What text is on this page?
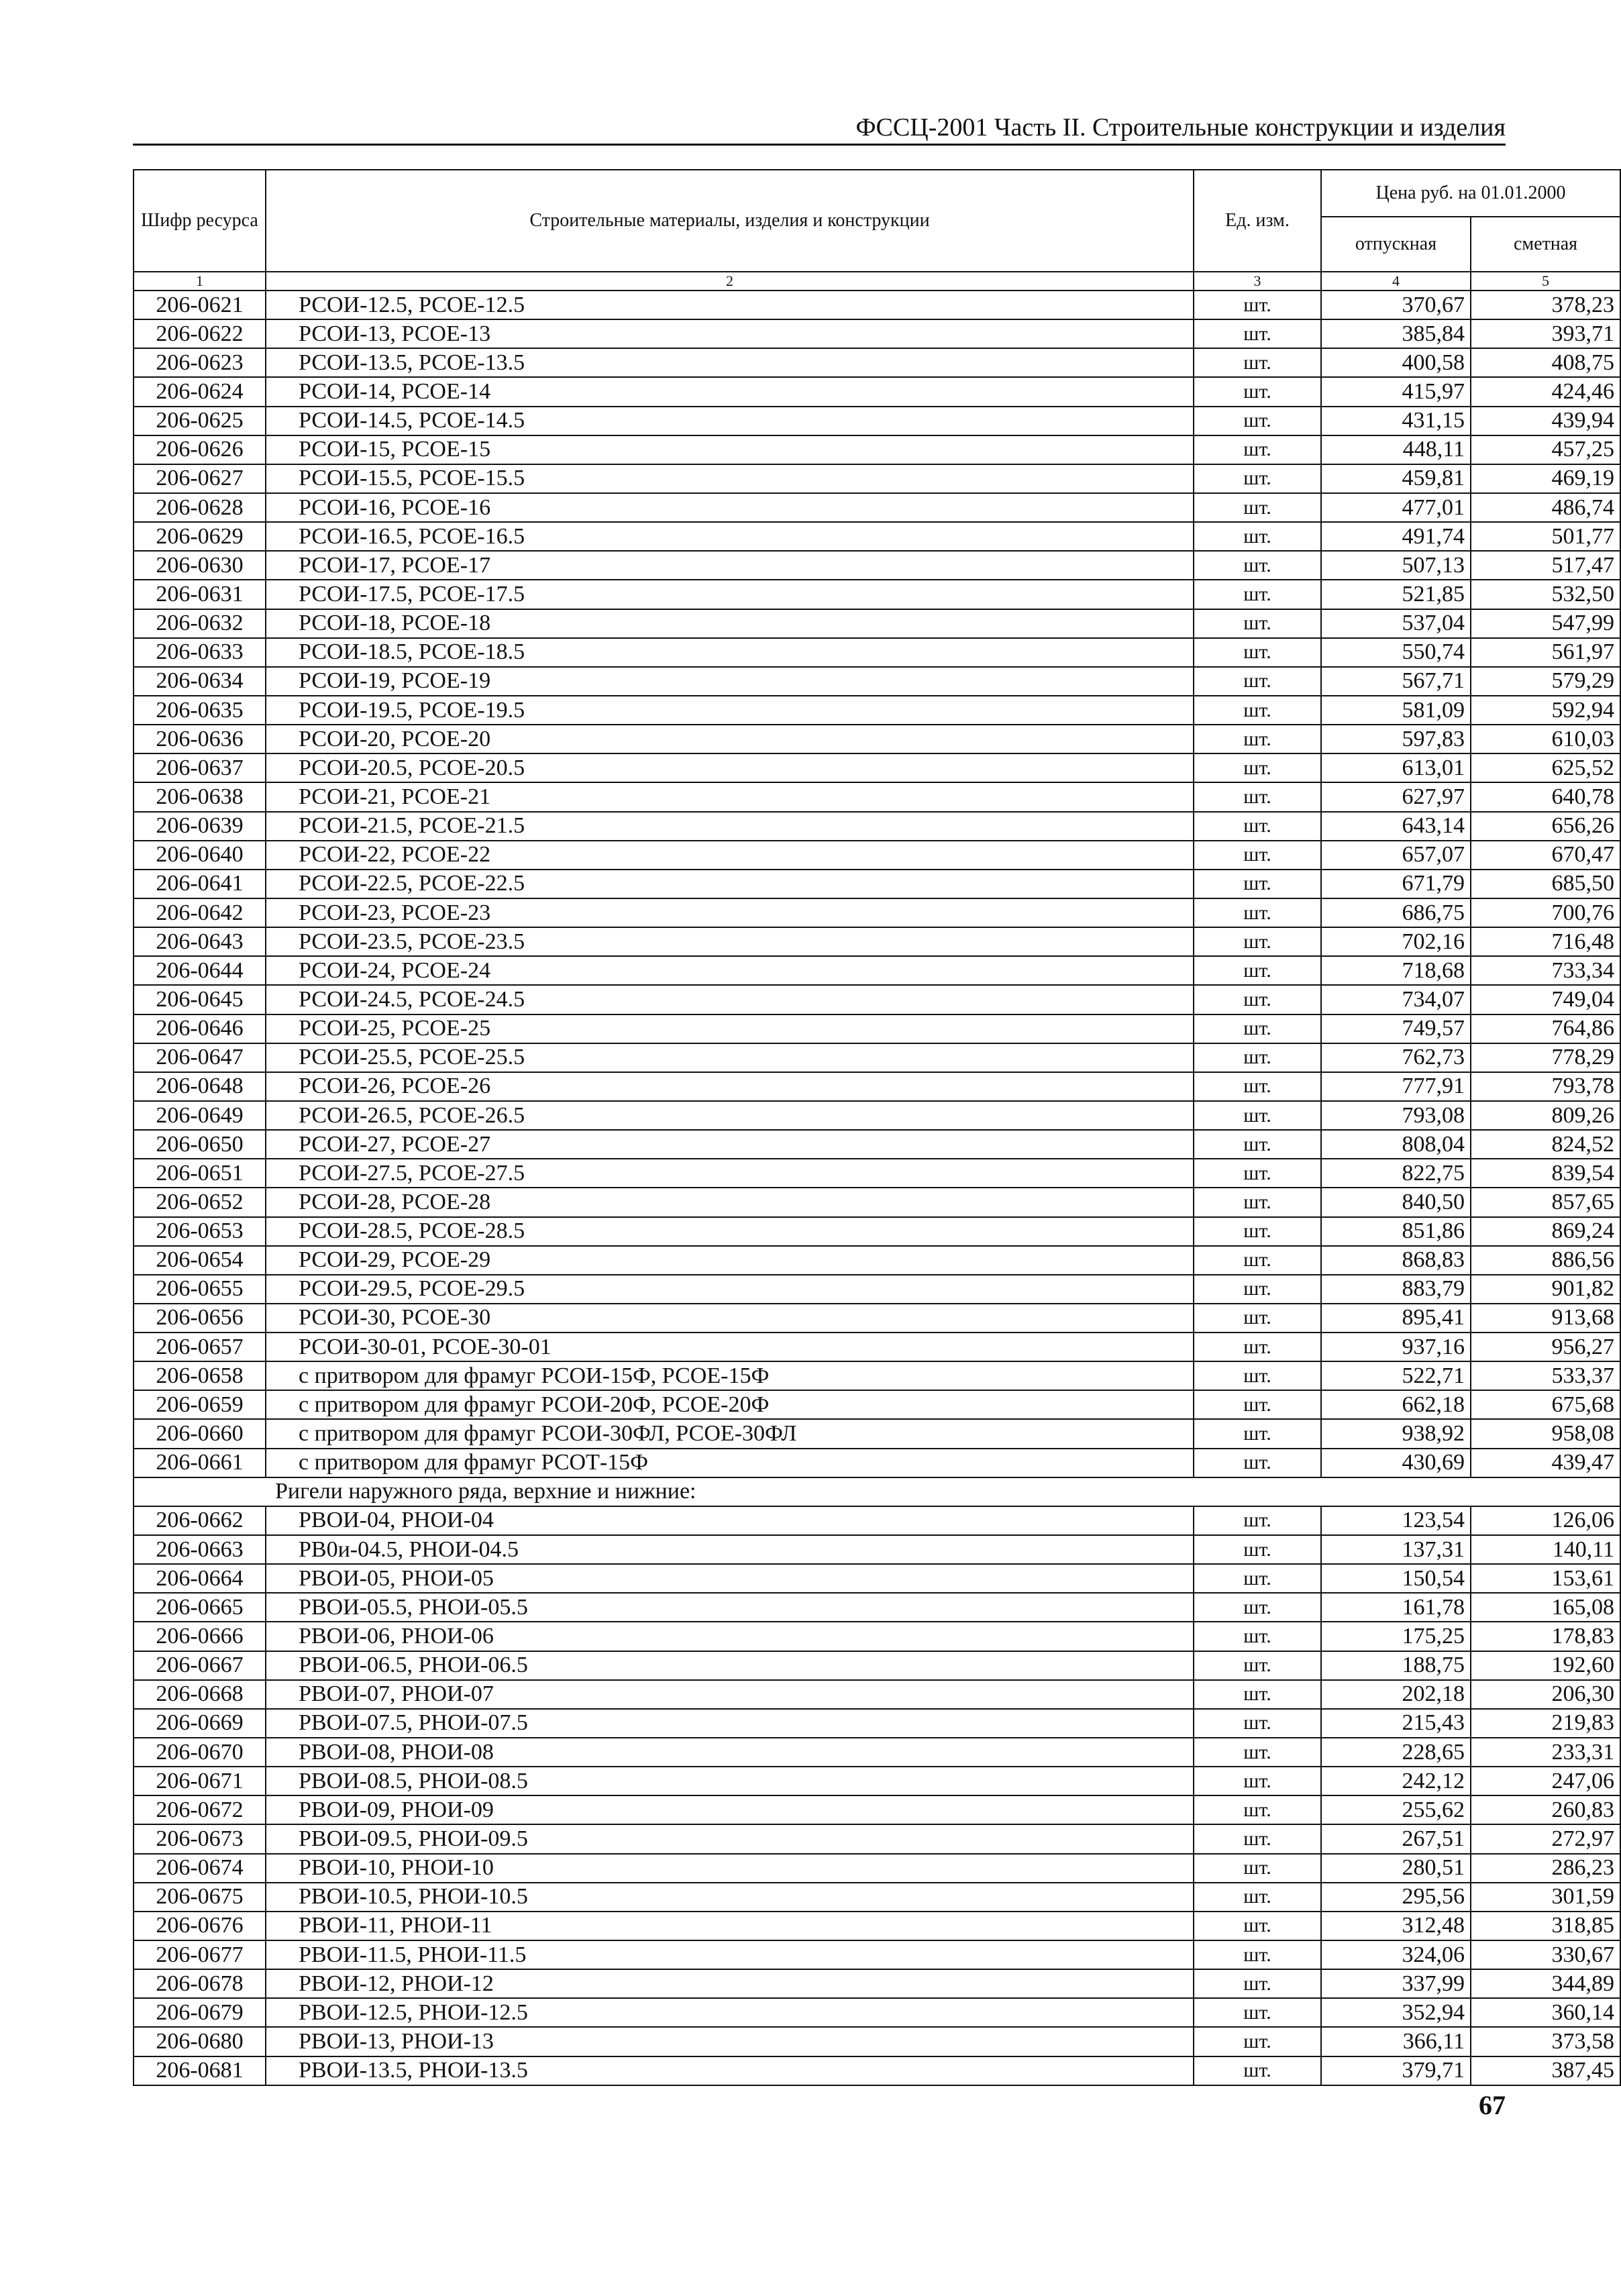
ФССЦ-2001 Часть II. Строительные конструкции и изделия
Шифр ресурса	Строительные материалы, изделия и конструкции	Ед. изм.	Цена руб. на 01.01.2000	
			отпускная	сметная
1	2	3	4	5
206-0621	РСОИ-12.5, РСОЕ-12.5	шт.	370,67	378,23
206-0622	РСОИ-13, РСОЕ-13	шт.	385,84	393,71
206-0623	РСОИ-13.5, РСОЕ-13.5	шт.	400,58	408,75
206-0624	РСОИ-14, РСОЕ-14	шт.	415,97	424,46
206-0625	РСОИ-14.5, РСОЕ-14.5	шт.	431,15	439,94
206-0626	РСОИ-15, РСОЕ-15	шт.	448,11	457,25
206-0627	РСОИ-15.5, РСОЕ-15.5	шт.	459,81	469,19
206-0628	РСОИ-16, РСОЕ-16	шт.	477,01	486,74
206-0629	РСОИ-16.5, РСОЕ-16.5	шт.	491,74	501,77
206-0630	РСОИ-17, РСОЕ-17	шт.	507,13	517,47
206-0631	РСОИ-17.5, РСОЕ-17.5	шт.	521,85	532,50
206-0632	РСОИ-18, РСОЕ-18	шт.	537,04	547,99
206-0633	РСОИ-18.5, РСОЕ-18.5	шт.	550,74	561,97
206-0634	РСОИ-19, РСОЕ-19	шт.	567,71	579,29
206-0635	РСОИ-19.5, РСОЕ-19.5	шт.	581,09	592,94
206-0636	РСОИ-20, РСОЕ-20	шт.	597,83	610,03
206-0637	РСОИ-20.5, РСОЕ-20.5	шт.	613,01	625,52
206-0638	РСОИ-21, РСОЕ-21	шт.	627,97	640,78
206-0639	РСОИ-21.5, РСОЕ-21.5	шт.	643,14	656,26
206-0640	РСОИ-22, РСОЕ-22	шт.	657,07	670,47
206-0641	РСОИ-22.5, РСОЕ-22.5	шт.	671,79	685,50
206-0642	РСОИ-23, РСОЕ-23	шт.	686,75	700,76
206-0643	РСОИ-23.5, РСОЕ-23.5	шт.	702,16	716,48
206-0644	РСОИ-24, РСОЕ-24	шт.	718,68	733,34
206-0645	РСОИ-24.5, РСОЕ-24.5	шт.	734,07	749,04
206-0646	РСОИ-25, РСОЕ-25	шт.	749,57	764,86
206-0647	РСОИ-25.5, РСОЕ-25.5	шт.	762,73	778,29
206-0648	РСОИ-26, РСОЕ-26	шт.	777,91	793,78
206-0649	РСОИ-26.5, РСОЕ-26.5	шт.	793,08	809,26
206-0650	РСОИ-27, РСОЕ-27	шт.	808,04	824,52
206-0651	РСОИ-27.5, РСОЕ-27.5	шт.	822,75	839,54
206-0652	РСОИ-28, РСОЕ-28	шт.	840,50	857,65
206-0653	РСОИ-28.5, РСОЕ-28.5	шт.	851,86	869,24
206-0654	РСОИ-29, РСОЕ-29	шт.	868,83	886,56
206-0655	РСОИ-29.5, РСОЕ-29.5	шт.	883,79	901,82
206-0656	РСОИ-30, РСОЕ-30	шт.	895,41	913,68
206-0657	РСОИ-30-01, РСОЕ-30-01	шт.	937,16	956,27
206-0658	с притвором для фрамуг РСОИ-15Ф, РСОЕ-15Ф	шт.	522,71	533,37
206-0659	с притвором для фрамуг РСОИ-20Ф, РСОЕ-20Ф	шт.	662,18	675,68
206-0660	с притвором для фрамуг РСОИ-30ФЛ, РСОЕ-30ФЛ	шт.	938,92	958,08
206-0661	с притвором для фрамуг РСОТ-15Ф	шт.	430,69	439,47
Ригели наружного ряда, верхние и нижние:				
206-0662	РВОИ-04, РНОИ-04	шт.	123,54	126,06
206-0663	РВ0и-04.5, РНОИ-04.5	шт.	137,31	140,11
206-0664	РВОИ-05, РНОИ-05	шт.	150,54	153,61
206-0665	РВОИ-05.5, РНОИ-05.5	шт.	161,78	165,08
206-0666	РВОИ-06, РНОИ-06	шт.	175,25	178,83
206-0667	РВОИ-06.5, РНОИ-06.5	шт.	188,75	192,60
206-0668	РВОИ-07, РНОИ-07	шт.	202,18	206,30
206-0669	РВОИ-07.5, РНОИ-07.5	шт.	215,43	219,83
206-0670	РВОИ-08, РНОИ-08	шт.	228,65	233,31
206-0671	РВОИ-08.5, РНОИ-08.5	шт.	242,12	247,06
206-0672	РВОИ-09, РНОИ-09	шт.	255,62	260,83
206-0673	РВОИ-09.5, РНОИ-09.5	шт.	267,51	272,97
206-0674	РВОИ-10, РНОИ-10	шт.	280,51	286,23
206-0675	РВОИ-10.5, РНОИ-10.5	шт.	295,56	301,59
206-0676	РВОИ-11, РНОИ-11	шт.	312,48	318,85
206-0677	РВОИ-11.5, РНОИ-11.5	шт.	324,06	330,67
206-0678	РВОИ-12, РНОИ-12	шт.	337,99	344,89
206-0679	РВОИ-12.5, РНОИ-12.5	шт.	352,94	360,14
206-0680	РВОИ-13, РНОИ-13	шт.	366,11	373,58
206-0681	РВОИ-13.5, РНОИ-13.5	шт.	379,71	387,45
67
